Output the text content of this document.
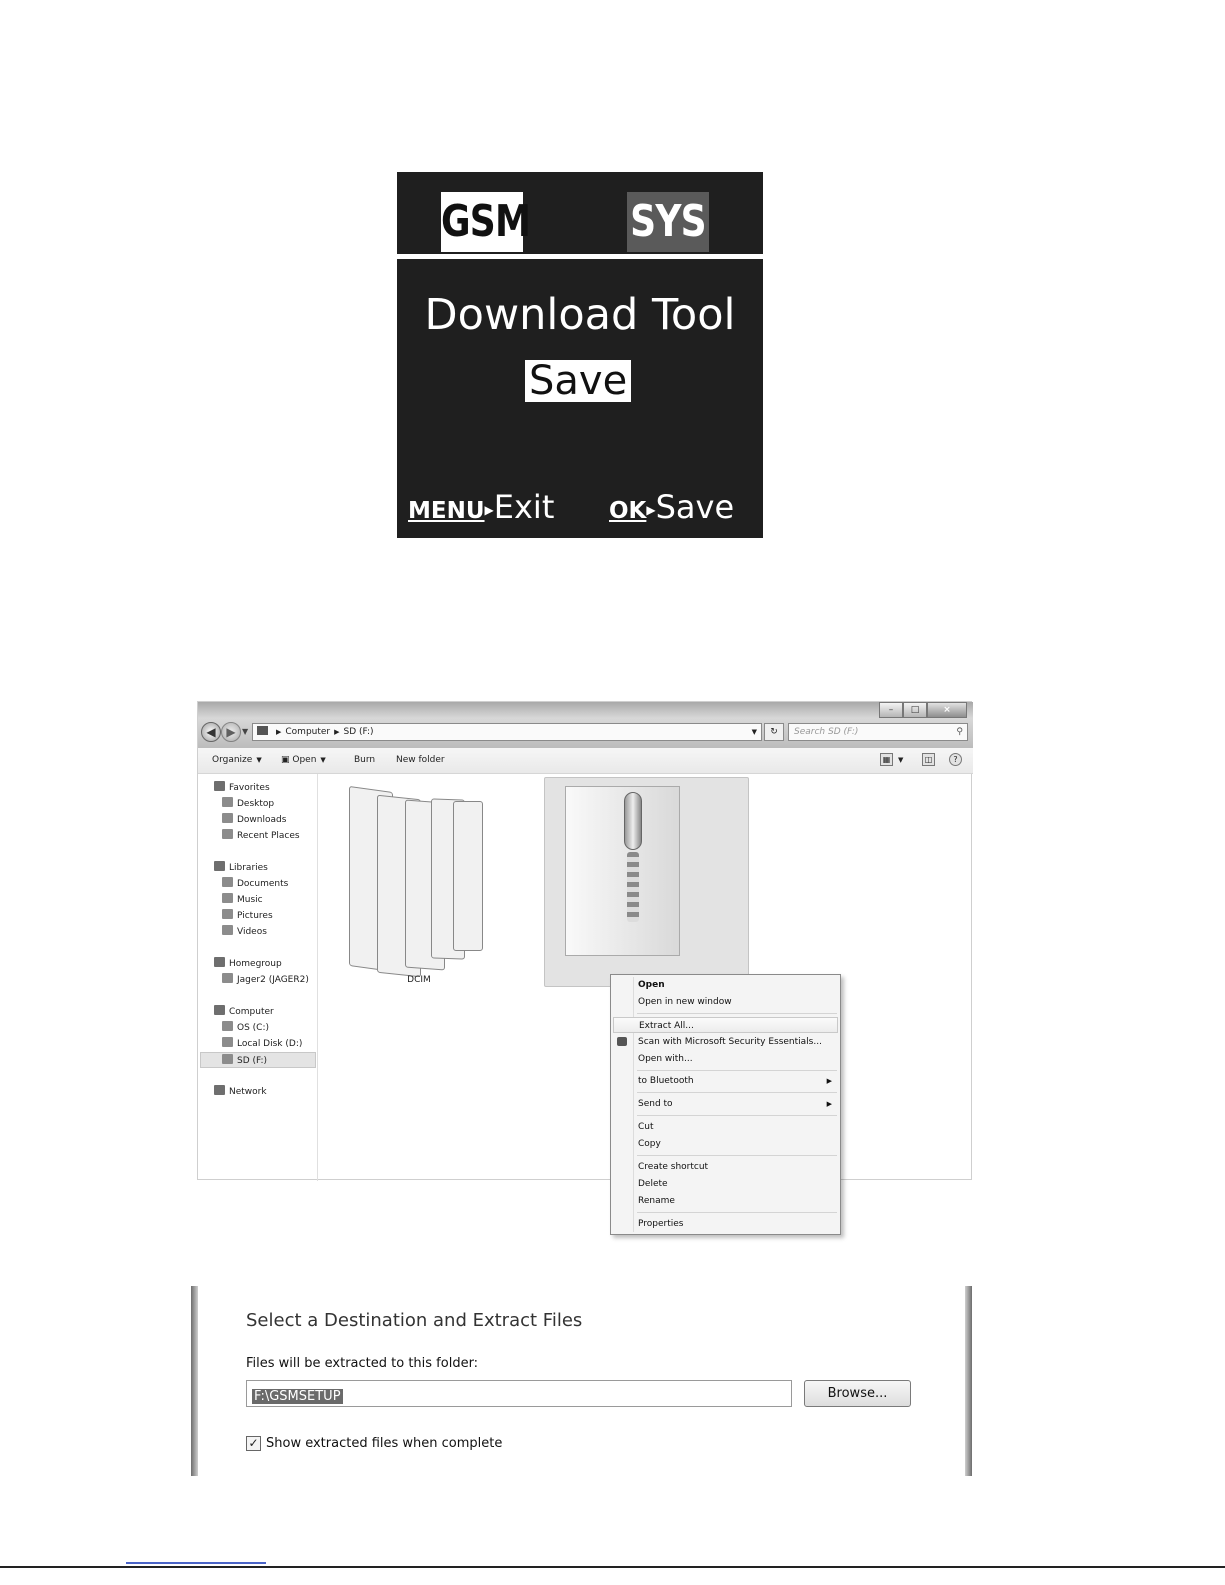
GSM SYS
Download Tool
Save
MENU▶Exit OK▶Save
–	□	×
◀ ▶ ▼	▶ Computer ▶ SD (F:)	▼	↻	Search SD (F:)	⚲
Organize ▼ ▣ Open ▼	Burn New folder	▦	▼	◫	?
Favorites
Desktop
Downloads
Recent Places
Libraries
Documents
Music
Pictures
Videos
Homegroup
Jager2 (JAGER2)
Computer
OS (C:)
Local Disk (D:)
SD (F:)
Network
DCIM	Open
Open in new window
Extract All...
Scan with Microsoft Security Essentials...
Open with...
to Bluetooth	▶
Send to	▶
Cut
Copy
Create shortcut
Delete
Rename
Properties
Select a Destination and Extract Files
Files will be extracted to this folder:
F:\GSMSETUP	Browse...
✓ Show extracted files when complete
